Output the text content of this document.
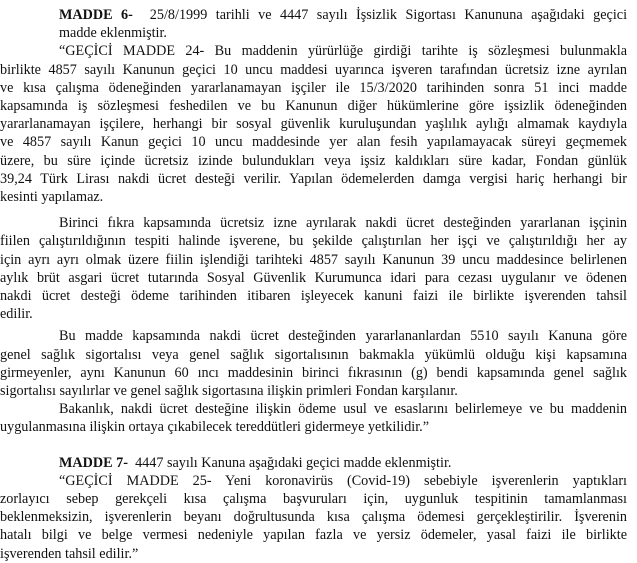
MADDE 6- 25/8/1999 tarihli ve 4447 sayılı İşsizlik Sigortası Kanununa aşağıdaki geçici
madde eklenmiştir.
“GEÇİCİ MADDE 24- Bu maddenin yürürlüğe girdiği tarihte iş sözleşmesi bulunmakla
birlikte 4857 sayılı Kanunun geçici 10 uncu maddesi uyarınca işveren tarafından ücretsiz izne ayrılan
ve kısa çalışma ödeneğinden yararlanamayan işçiler ile 15/3/2020 tarihinden sonra 51 inci madde
kapsamında iş sözleşmesi feshedilen ve bu Kanunun diğer hükümlerine göre işsizlik ödeneğinden
yararlanamayan işçilere, herhangi bir sosyal güvenlik kuruluşundan yaşlılık aylığı almamak kaydıyla
ve 4857 sayılı Kanun geçici 10 uncu maddesinde yer alan fesih yapılamayacak süreyi geçmemek
üzere, bu süre içinde ücretsiz izinde bulundukları veya işsiz kaldıkları süre kadar, Fondan günlük
39,24 Türk Lirası nakdi ücret desteği verilir. Yapılan ödemelerden damga vergisi hariç herhangi bir
kesinti yapılamaz.
Birinci fıkra kapsamında ücretsiz izne ayrılarak nakdi ücret desteğinden yararlanan işçinin
fiilen çalıştırıldığının tespiti halinde işverene, bu şekilde çalıştırılan her işçi ve çalıştırıldığı her ay
için ayrı ayrı olmak üzere fiilin işlendiği tarihteki 4857 sayılı Kanunun 39 uncu maddesince belirlenen
aylık brüt asgari ücret tutarında Sosyal Güvenlik Kurumunca idari para cezası uygulanır ve ödenen
nakdi ücret desteği ödeme tarihinden itibaren işleyecek kanuni faizi ile birlikte işverenden tahsil
edilir.
Bu madde kapsamında nakdi ücret desteğinden yararlananlardan 5510 sayılı Kanuna göre
genel sağlık sigortalısı veya genel sağlık sigortalısının bakmakla yükümlü olduğu kişi kapsamına
girmeyenler, aynı Kanunun 60 ıncı maddesinin birinci fıkrasının (g) bendi kapsamında genel sağlık
sigortalısı sayılırlar ve genel sağlık sigortasına ilişkin primleri Fondan karşılanır.
Bakanlık, nakdi ücret desteğine ilişkin ödeme usul ve esaslarını belirlemeye ve bu maddenin
uygulanmasına ilişkin ortaya çıkabilecek tereddütleri gidermeye yetkilidir.”
MADDE 7- 4447 sayılı Kanuna aşağıdaki geçici madde eklenmiştir.
“GEÇİCİ MADDE 25- Yeni koronavirüs (Covid-19) sebebiyle işverenlerin yaptıkları
zorlayıcı sebep gerekçeli kısa çalışma başvuruları için, uygunluk tespitinin tamamlanması
beklenmeksizin, işverenlerin beyanı doğrultusunda kısa çalışma ödemesi gerçekleştirilir. İşverenin
hatalı bilgi ve belge vermesi nedeniyle yapılan fazla ve yersiz ödemeler, yasal faizi ile birlikte
işverenden tahsil edilir.”
